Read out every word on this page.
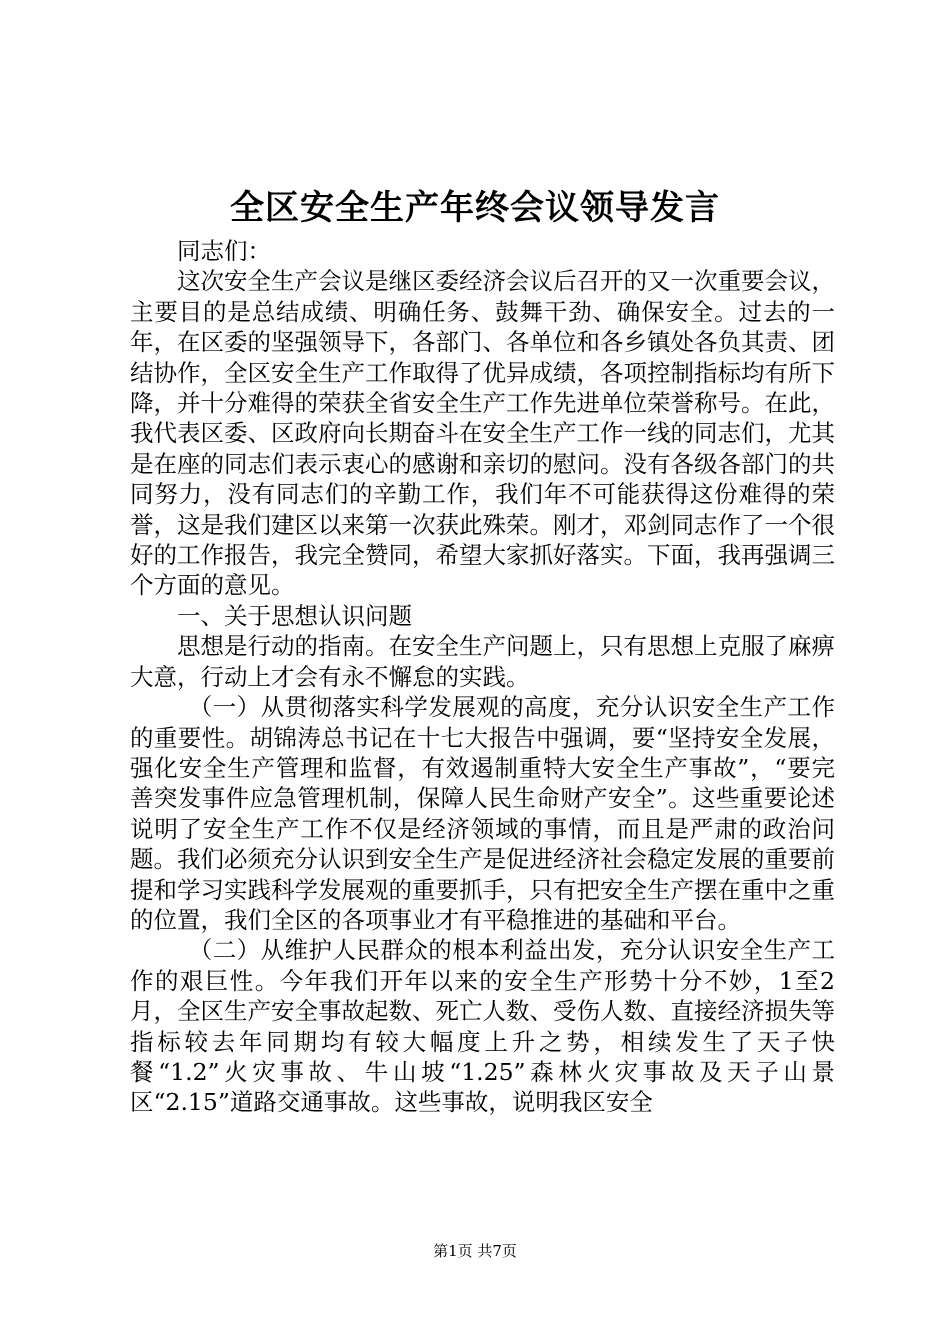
全区安全生产年终会议领导发言

同志们：

这次安全生产会议是继区委经济会议后召开的又一次重要会议，主要目的是总结成绩、明确任务、鼓舞干劲、确保安全。过去的一年，在区委的坚强领导下，各部门、各单位和各乡镇处各负其责、团结协作，全区安全生产工作取得了优异成绩，各项控制指标均有所下降，并十分难得的荣获全省安全生产工作先进单位荣誉称号。在此，我代表区委、区政府向长期奋斗在安全生产工作一线的同志们，尤其是在座的同志们表示衷心的感谢和亲切的慰问。没有各级各部门的共同努力，没有同志们的辛勤工作，我们年不可能获得这份难得的荣誉，这是我们建区以来第一次获此殊荣。刚才，邓剑同志作了一个很好的工作报告，我完全赞同，希望大家抓好落实。下面，我再强调三个方面的意见。

一、关于思想认识问题

思想是行动的指南。在安全生产问题上，只有思想上克服了麻痹大意，行动上才会有永不懈怠的实践。

（一）从贯彻落实科学发展观的高度，充分认识安全生产工作的重要性。胡锦涛总书记在十七大报告中强调，要“坚持安全发展，强化安全生产管理和监督，有效遏制重特大安全生产事故”，“要完善突发事件应急管理机制，保障人民生命财产安全”。这些重要论述说明了安全生产工作不仅是经济领域的事情，而且是严肃的政治问题。我们必须充分认识到安全生产是促进经济社会稳定发展的重要前提和学习实践科学发展观的重要抓手，只有把安全生产摆在重中之重的位置，我们全区的各项事业才有平稳推进的基础和平台。

（二）从维护人民群众的根本利益出发，充分认识安全生产工作的艰巨性。今年我们开年以来的安全生产形势十分不妙，1至2月，全区生产安全事故起数、死亡人数、受伤人数、直接经济损失等指标较去年同期均有较大幅度上升之势，相续发生了天子快餐“1.2”火灾事故、牛山坡“1.25”森林火灾事故及天子山景区“2.15”道路交通事故。这些事故，说明我区安全

第1页 共7页
